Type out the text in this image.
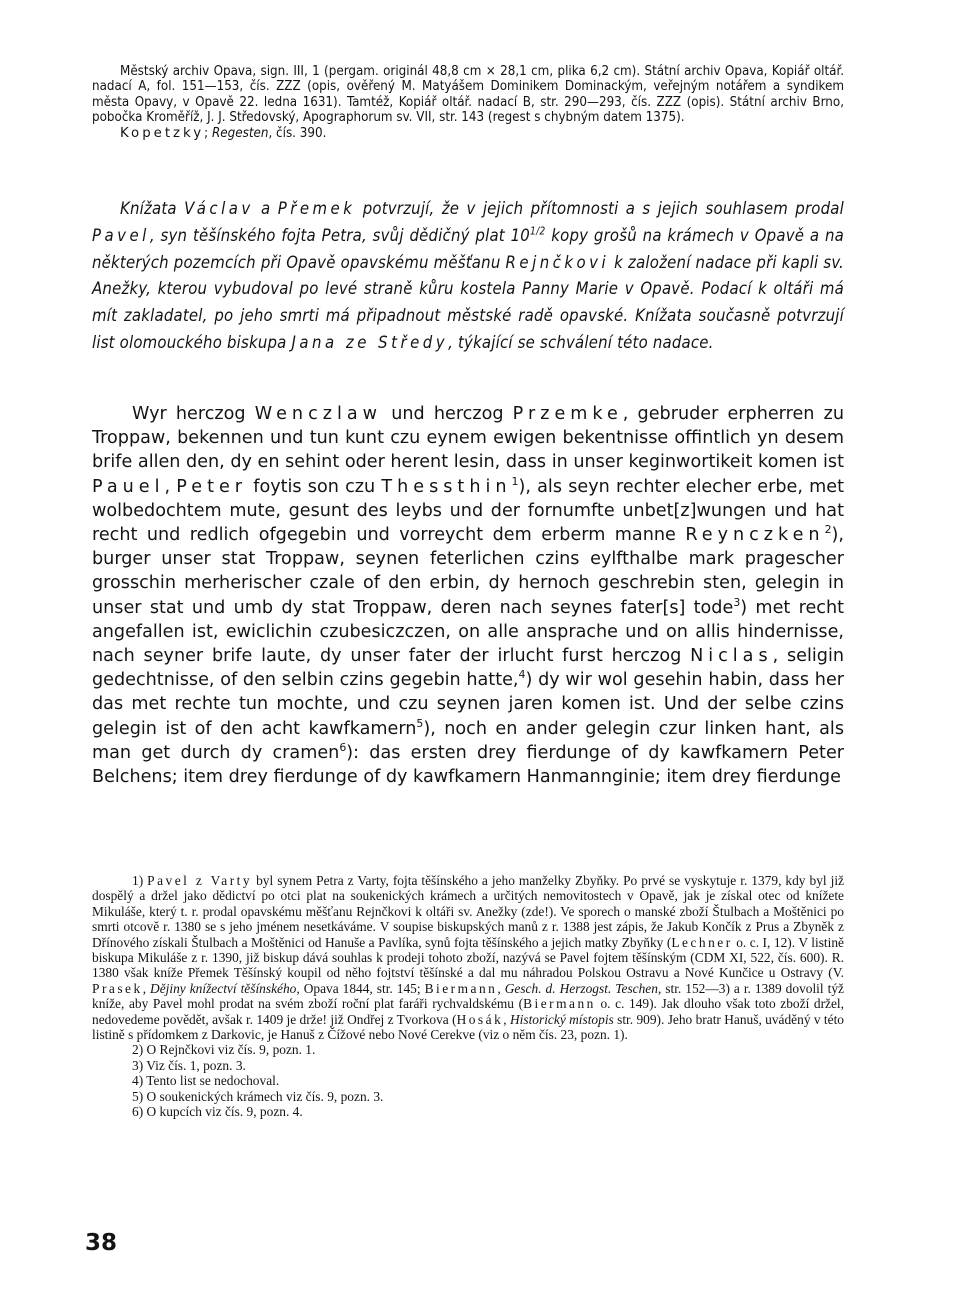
Městský archiv Opava, sign. III, 1 (pergam. originál 48,8 cm × 28,1 cm, plika 6,2 cm). Státní archiv Opava, Kopiář oltář. nadací A, fol. 151—153, čís. ZZZ (opis, ověřený M. Matyášem Dominikem Dominackým, veřejným notářem a syndikem města Opavy, v Opavě 22. ledna 1631). Tamtéž, Kopiář oltář. nadací B, str. 290—293, čís. ZZZ (opis). Státní archiv Brno, pobočka Kroměříž, J. J. Středovský, Apographorum sv. VII, str. 143 (regest s chybným datem 1375).

Kopetzky; Regesten, čís. 390.

Knížata Václav a Přemek potvrzují, že v jejich přítomnosti a s jejich souhlasem prodal Pavel, syn těšínského fojta Petra, svůj dědičný plat $10^{1/2}$ kopy grošů na krámech v Opavě a na některých pozemcích při Opavě opavskému měšťanu Rejnčkovi k založení nadace při kapli sv. Anežky, kterou vybudoval po levé straně kůru kostela Panny Marie v Opavě. Podací k oltáři má mít zakladatel, po jeho smrti má připadnout městské radě opavské. Knížata současně potvrzují list olomouckého biskupa Jana ze Středy, týkající se schválení této nadace.

Wyr herczog Wenczlaw und herczog Przemke, gebruder erpherren zu Troppaw, bekennen und tun kunt czu eynem ewigen bekentnisse offintlich yn desem brife allen den, dy en sehint oder herent lesin, dass in unser keginwortikeit komen ist Pauel, Peter foytis son czu Thessthin$^1$), als seyn rechter elecher erbe, met wolbedochtem mute, gesunt des leybs und der fornumfte unbet[z]wungen und hat recht und redlich ofgegebin und vorreycht dem erberm manne Reynczken$^2$), burger unser stat Troppaw, seynen feterlichen czins eylfthalbe mark pragescher grosschin merherischer czale of den erbin, dy hernoch geschrebin sten, gelegin in unser stat und umb dy stat Troppaw, deren nach seynes fater[s] tode$^3$) met recht angefallen ist, ewiclichin czubesiczczen, on alle ansprache und on allis hindernisse, nach seyner brife laute, dy unser fater der irlucht furst herczog Niclas, seligin gedechtnisse, of den selbin czins gegebin hatte,$^4$) dy wir wol gesehin habin, dass her das met rechte tun mochte, und czu seynen jaren komen ist. Und der selbe czins gelegin ist of den acht kawfkamern$^5$), noch en ander gelegin czur linken hant, als man get durch dy cramen$^6$): das ersten drey fierdunge of dy kawfkamern Peter Belchens; item drey fierdunge of dy kawfkamern Hanmannginie; item drey fierdunge

1) Pavel z Varty byl synem Petra z Varty, fojta těšínského a jeho manželky Zbyňky. Po prvé se vyskytuje r. 1379, kdy byl již dospělý a držel jako dědictví po otci plat na soukenických krámech a určitých nemovitostech v Opavě, jak je získal otec od knížete Mikuláše, který t. r. prodal opavskému měšťanu Rejnčkovi k oltáři sv. Anežky (zde!). Ve sporech o manské zboží Štulbach a Moštěnici po smrti otcově r. 1380 se s jeho jménem nesetkáváme. V soupise biskupských manů z r. 1388 jest zápis, že Jakub Končík z Prus a Zbyněk z Dřínového získali Štulbach a Moštěnici od Hanuše a Pavlíka, synů fojta těšínského a jejich matky Zbyňky (Lechner o. c. I, 12). V listině biskupa Mikuláše z r. 1390, již biskup dává souhlas k prodeji tohoto zboží, nazývá se Pavel fojtem těšínským (CDM XI, 522, čís. 600). R. 1380 však kníže Přemek Těšínský koupil od něho fojtství těšínské a dal mu náhradou Polskou Ostravu a Nové Kunčice u Ostravy (V. Prasek, Dějiny knížectví těšínského, Opava 1844, str. 145; Biermann, Gesch. d. Herzogst. Teschen, str. 152—3) a r. 1389 dovolil týž kníže, aby Pavel mohl prodat na svém zboží roční plat faráři rychvaldskému (Biermann o. c. 149). Jak dlouho však toto zboží držel, nedovedeme povědět, avšak r. 1409 je drže! již Ondřej z Tvorkova (Hosák, Historický místopis str. 909). Jeho bratr Hanuš, uváděný v této listině s přídomkem z Darkovic, je Hanuš z Čížové nebo Nové Cerekve (viz o něm čís. 23, pozn. 1).

2) O Rejnčkovi viz čís. 9, pozn. 1.

3) Viz čís. 1, pozn. 3.

4) Tento list se nedochoval.

5) O soukenických krámech viz čís. 9, pozn. 3.

6) O kupcích viz čís. 9, pozn. 4.

38
